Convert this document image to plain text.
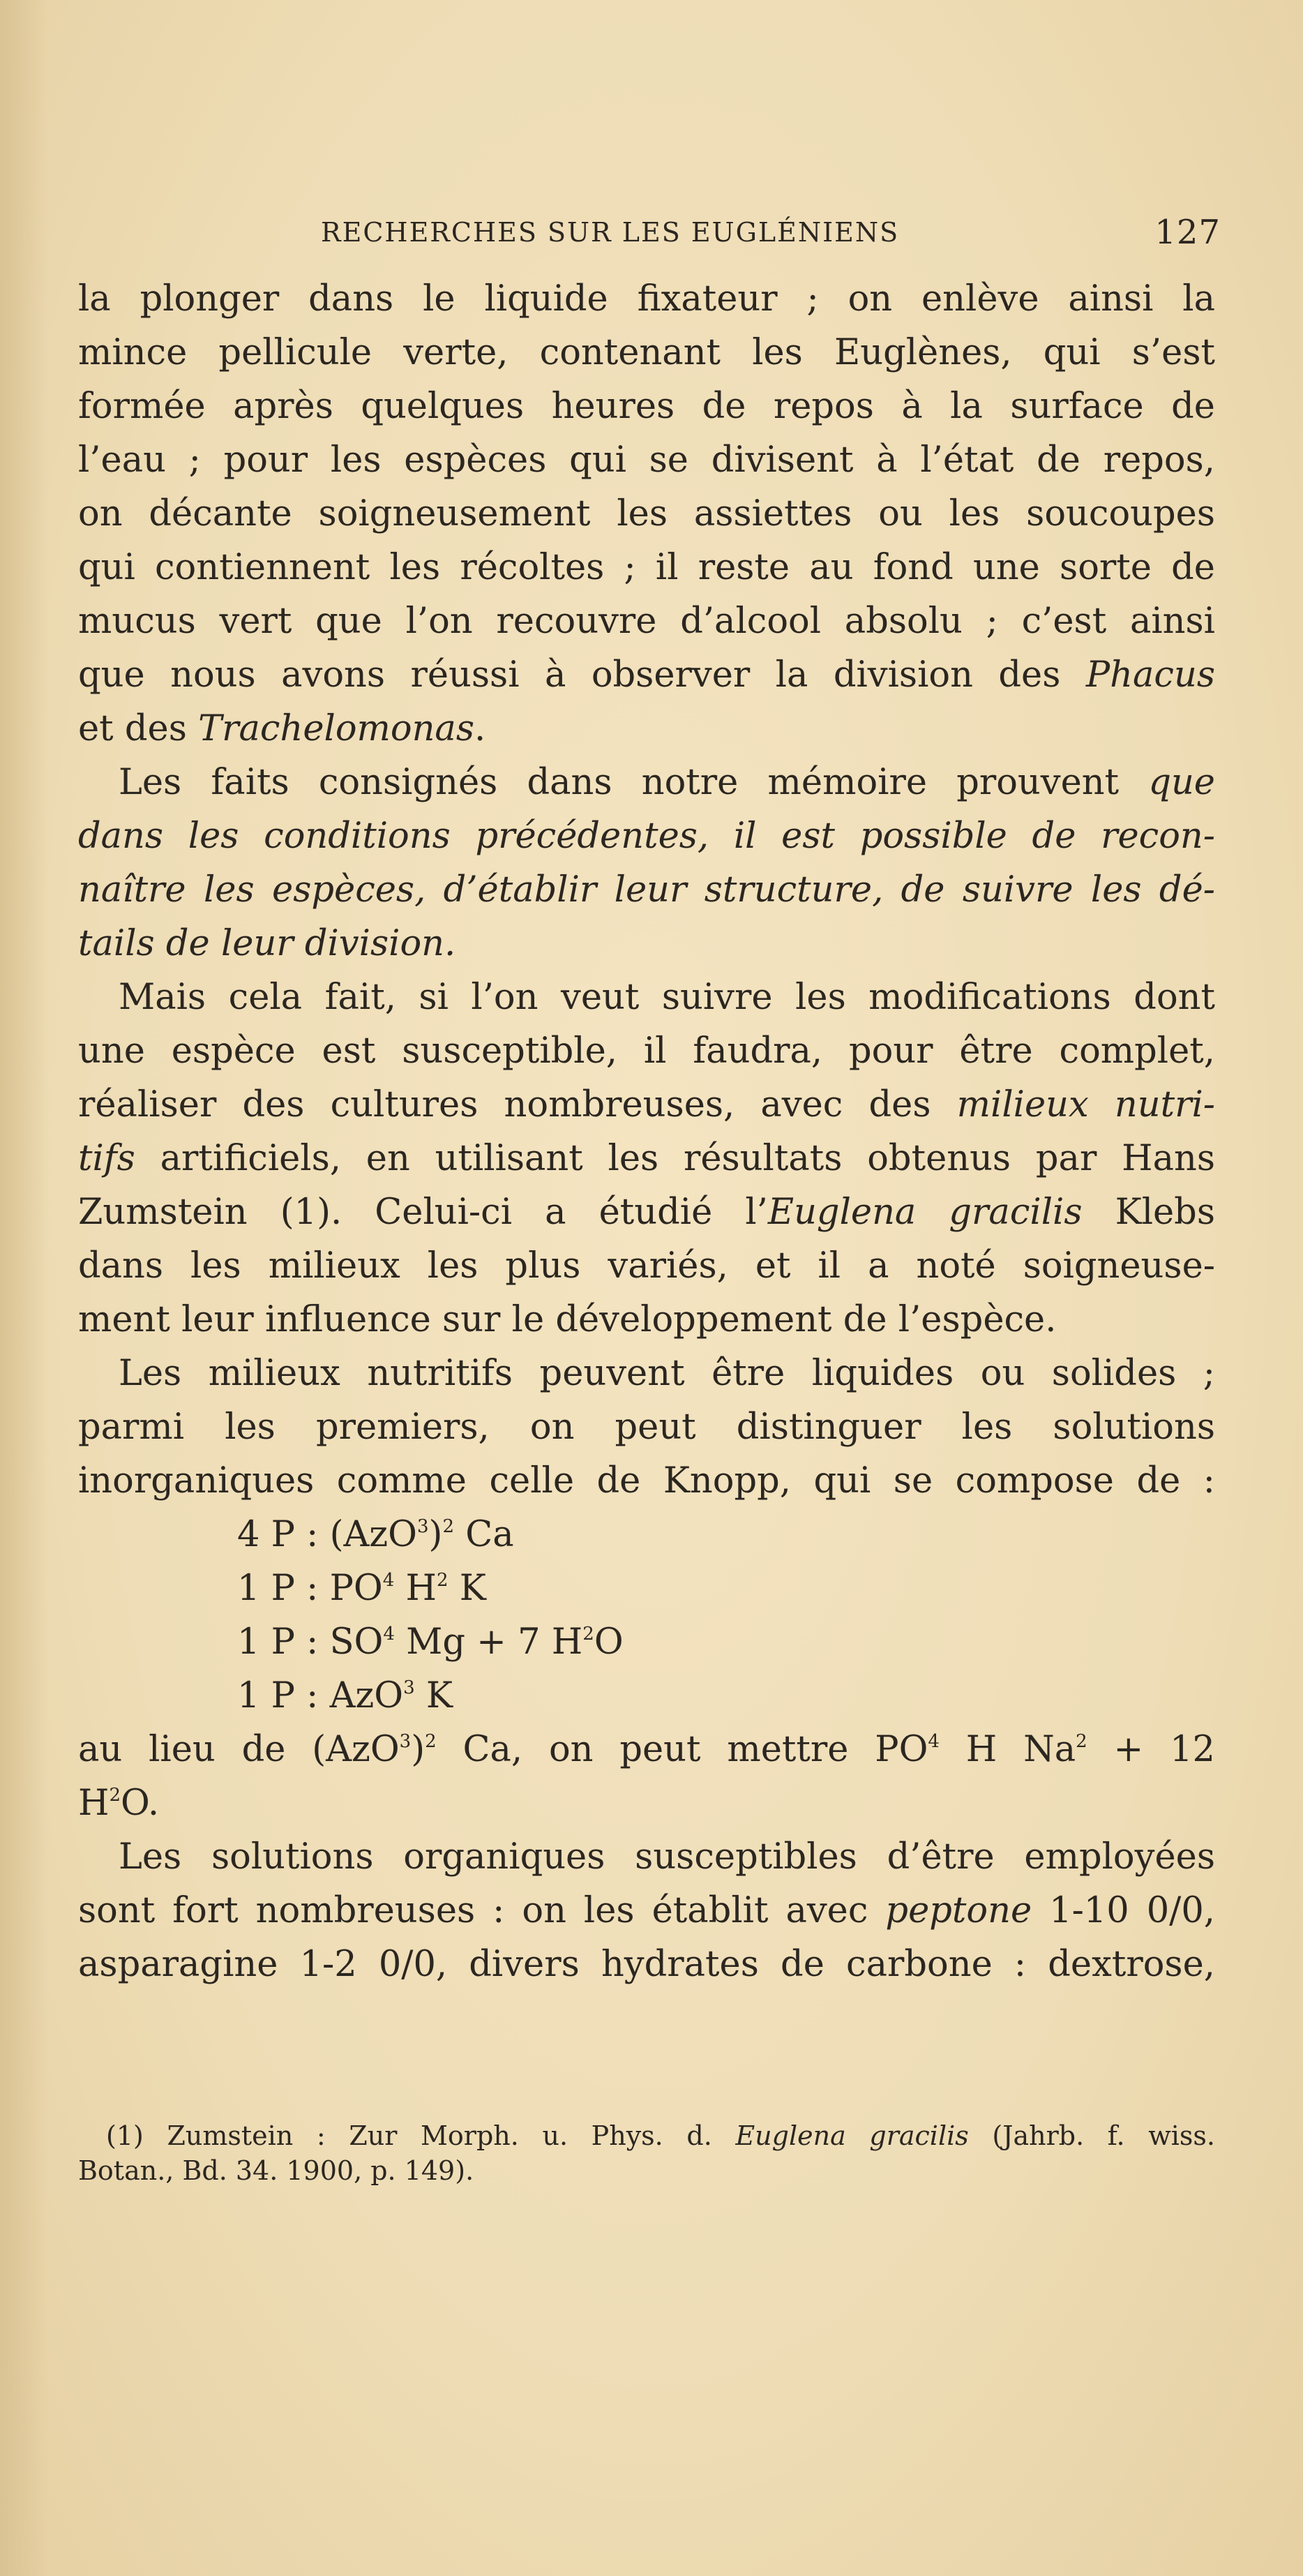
RECHERCHES SUR LES EUGLÉNIENS	127
la plonger dans le liquide fixateur ; on enlève ainsi la
mince pellicule verte, contenant les Euglènes, qui s’est
formée après quelques heures de repos à la surface de
l’eau ; pour les espèces qui se divisent à l’état de repos,
on décante soigneusement les assiettes ou les soucoupes
qui contiennent les récoltes ; il reste au fond une sorte de
mucus vert que l’on recouvre d’alcool absolu ; c’est ainsi
que nous avons réussi à observer la division des Phacus
et des Trachelomonas.
Les faits consignés dans notre mémoire prouvent que
dans les conditions précédentes, il est possible de recon-
naître les espèces, d’établir leur structure, de suivre les dé-
tails de leur division.
Mais cela fait, si l’on veut suivre les modifications dont
une espèce est susceptible, il faudra, pour être complet,
réaliser des cultures nombreuses, avec des milieux nutri-
tifs artificiels, en utilisant les résultats obtenus par Hans
Zumstein (1). Celui-ci a étudié l’Euglena gracilis Klebs
dans les milieux les plus variés, et il a noté soigneuse-
ment leur influence sur le développement de l’espèce.
Les milieux nutritifs peuvent être liquides ou solides ;
parmi les premiers, on peut distinguer les solutions
inorganiques comme celle de Knopp, qui se compose de :
4 P : $(AzO^3)^2$ Ca
1 P : $PO^4$ $H^2$ K
1 P : $SO^4$ Mg + 7 $H^2O$
1 P : AzO$^3$ K
au lieu de $(AzO^3)^2$ Ca, on peut mettre $PO^4$ H $Na^2 + 12$
$H^2O$.
Les solutions organiques susceptibles d’être employées
sont fort nombreuses : on les établit avec peptone 1-10 0/0,
asparagine 1-2 0/0, divers hydrates de carbone : dextrose,
(1) Zumstein : Zur Morph. u. Phys. d. Euglena gracilis (Jahrb. f. wiss.
Botan., Bd. 34. 1900, p. 149).
